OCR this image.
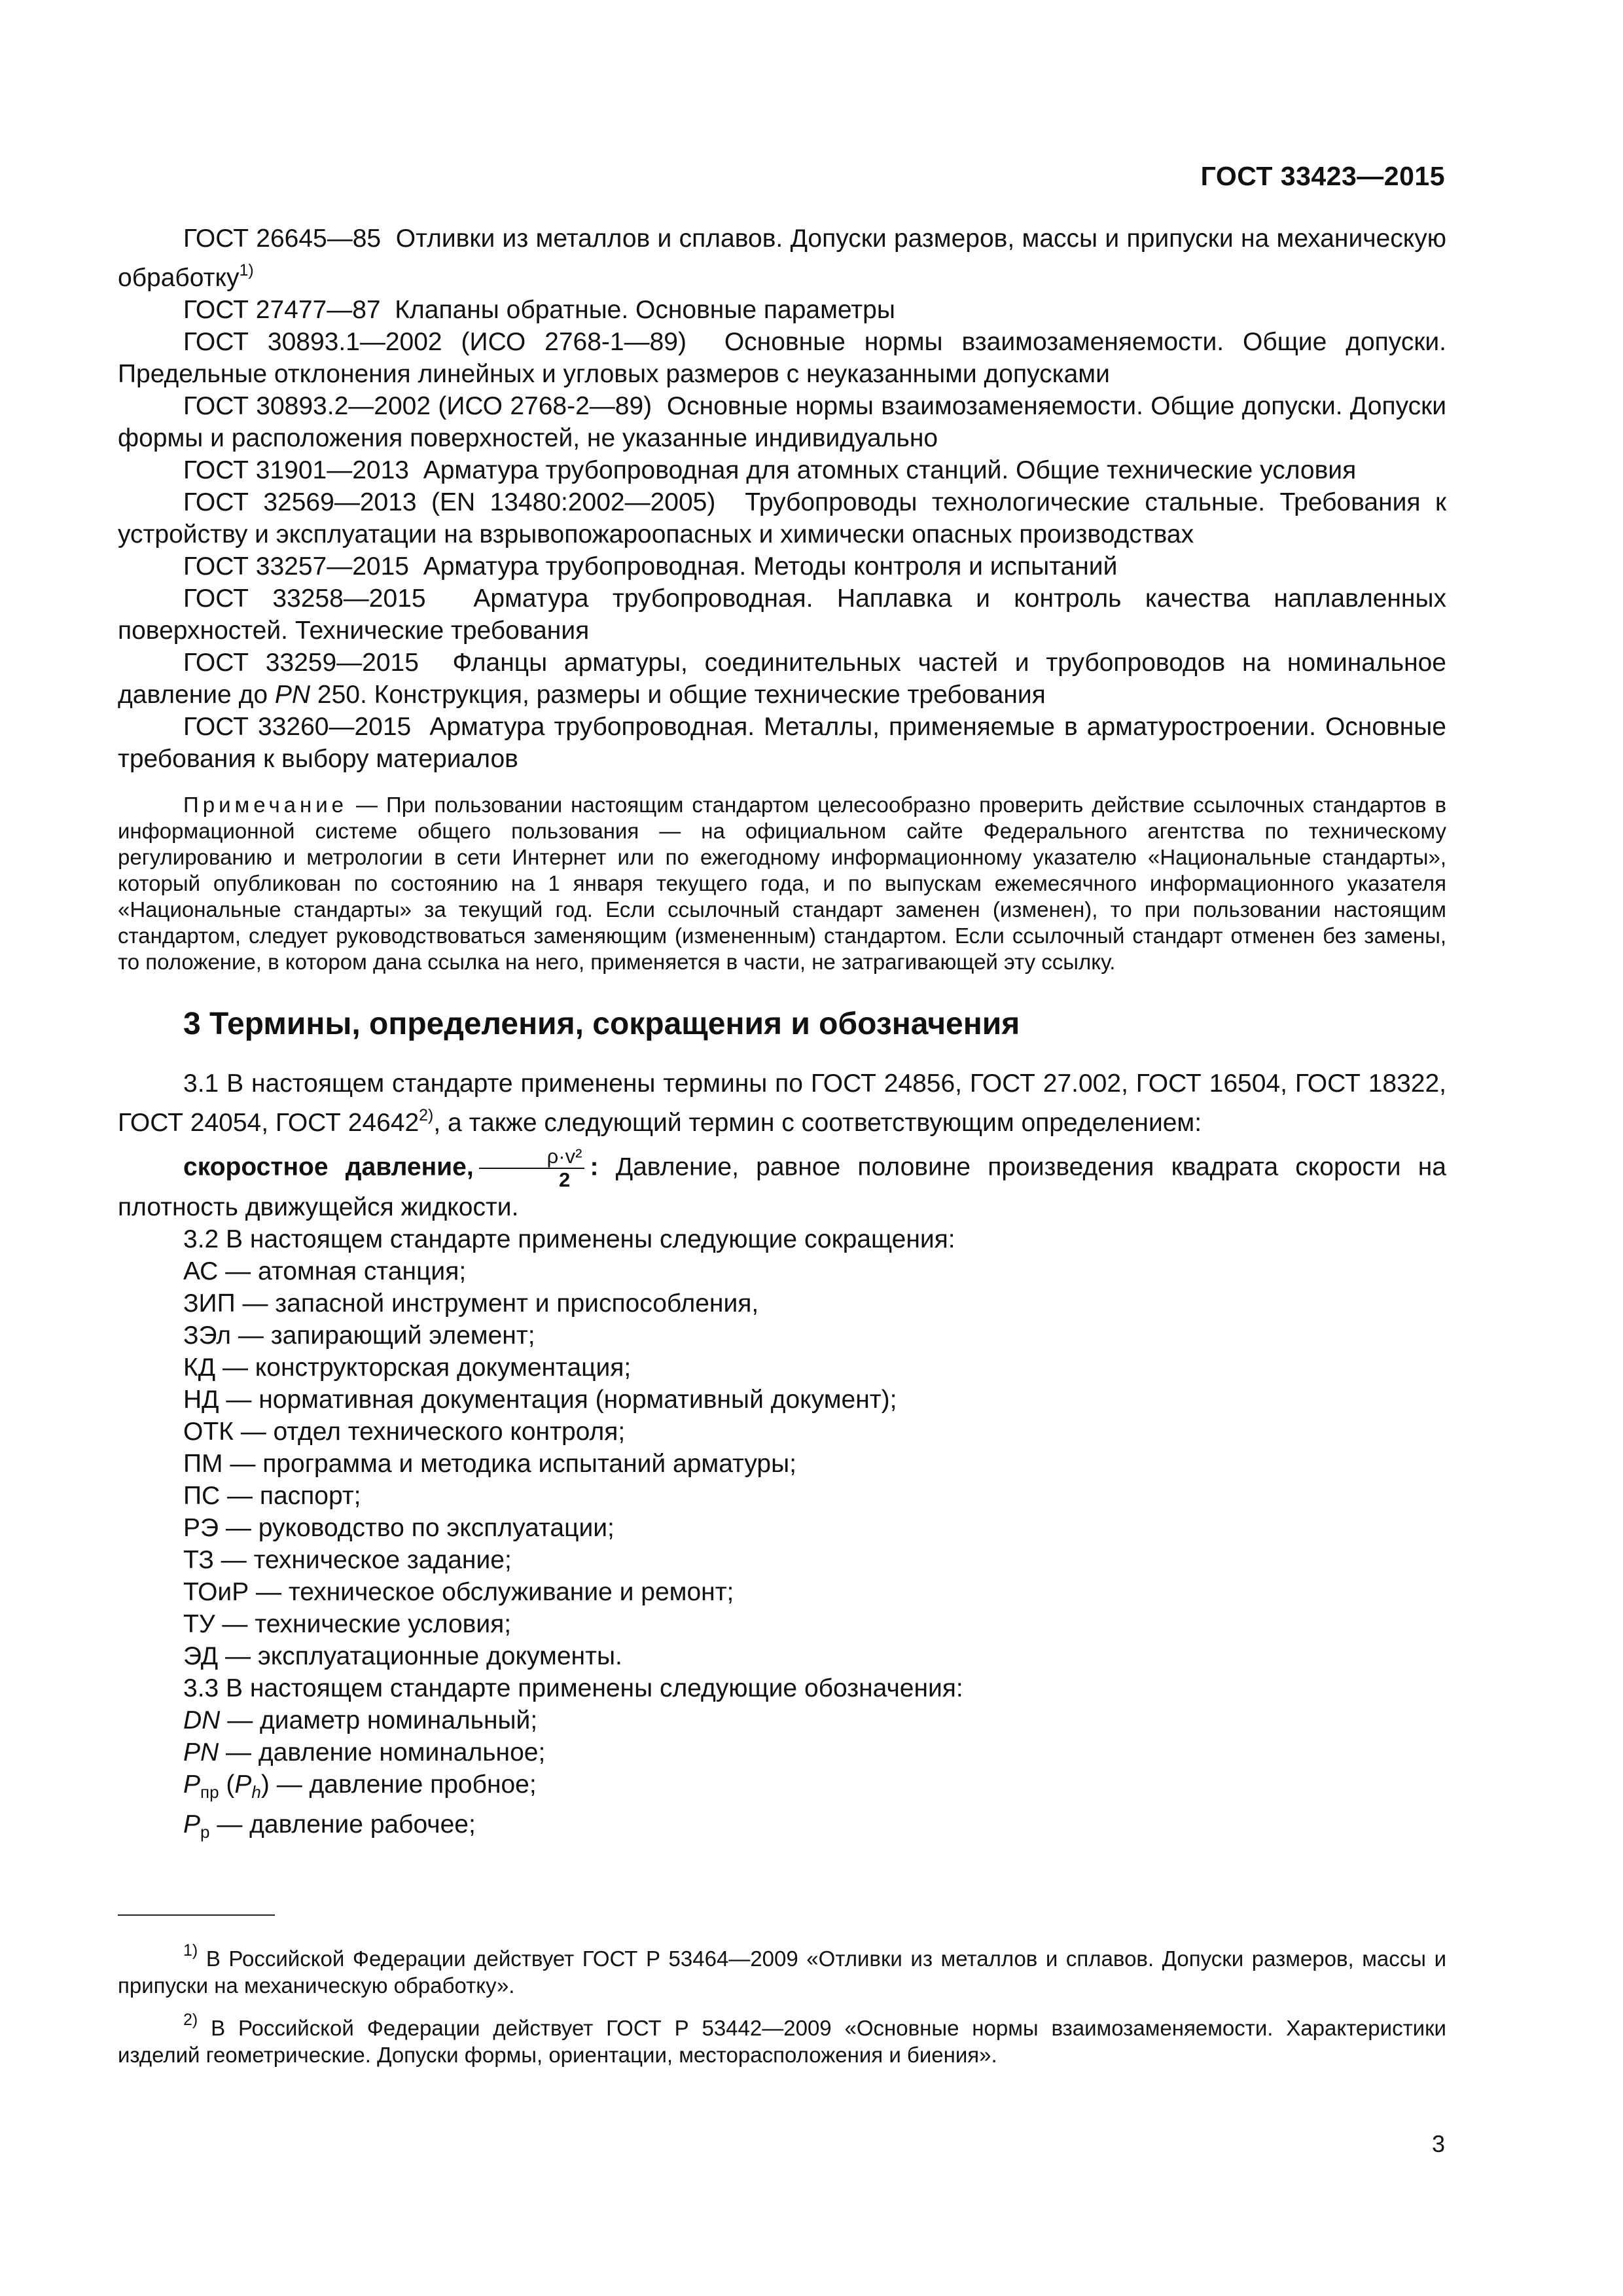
ГОСТ 33423—2015

ГОСТ 26645—85 Отливки из металлов и сплавов. Допуски размеров, массы и припуски на механическую обработку$^{1)}$

ГОСТ 27477—87 Клапаны обратные. Основные параметры

ГОСТ 30893.1—2002 (ИСО 2768-1—89) Основные нормы взаимозаменяемости. Общие допуски. Предельные отклонения линейных и угловых размеров с неуказанными допусками

ГОСТ 30893.2—2002 (ИСО 2768-2—89) Основные нормы взаимозаменяемости. Общие допуски. Допуски формы и расположения поверхностей, не указанные индивидуально

ГОСТ 31901—2013 Арматура трубопроводная для атомных станций. Общие технические условия

ГОСТ 32569—2013 (EN 13480:2002—2005) Трубопроводы технологические стальные. Требования к устройству и эксплуатации на взрывопожароопасных и химически опасных производствах

ГОСТ 33257—2015 Арматура трубопроводная. Методы контроля и испытаний

ГОСТ 33258—2015 Арматура трубопроводная. Наплавка и контроль качества наплавленных поверхностей. Технические требования

ГОСТ 33259—2015 Фланцы арматуры, соединительных частей и трубопроводов на номинальное давление до PN 250. Конструкция, размеры и общие технические требования

ГОСТ 33260—2015 Арматура трубопроводная. Металлы, применяемые в арматуростроении. Основные требования к выбору материалов

Примечание — При пользовании настоящим стандартом целесообразно проверить действие ссылочных стандартов в информационной системе общего пользования — на официальном сайте Федерального агентства по техническому регулированию и метрологии в сети Интернет или по ежегодному информационному указателю «Национальные стандарты», который опубликован по состоянию на 1 января текущего года, и по выпускам ежемесячного информационного указателя «Национальные стандарты» за текущий год. Если ссылочный стандарт заменен (изменен), то при пользовании настоящим стандартом, следует руководствоваться заменяющим (измененным) стандартом. Если ссылочный стандарт отменен без замены, то положение, в котором дана ссылка на него, применяется в части, не затрагивающей эту ссылку.

3 Термины, определения, сокращения и обозначения

3.1 В настоящем стандарте применены термины по ГОСТ 24856, ГОСТ 27.002, ГОСТ 16504, ГОСТ 18322, ГОСТ 24054, ГОСТ 24642$^{2)}$, а также следующий термин с соответствующим определением:

скоростное давление, $\frac{\text{ρ·v²}}{2}$ : Давление, равное половине произведения квадрата скорости на плотность движущейся жидкости.

3.2 В настоящем стандарте применены следующие сокращения:

АС — атомная станция;
ЗИП — запасной инструмент и приспособления,
ЗЭл — запирающий элемент;
КД — конструкторская документация;
НД — нормативная документация (нормативный документ);
ОТК — отдел технического контроля;
ПМ — программа и методика испытаний арматуры;
ПС — паспорт;
РЭ — руководство по эксплуатации;
ТЗ — техническое задание;
ТОиР — техническое обслуживание и ремонт;
ТУ — технические условия;
ЭД — эксплуатационные документы.

3.3 В настоящем стандарте применены следующие обозначения:

DN — диаметр номинальный;
PN — давление номинальное;
$P_{пр}$ $(P_h)$ — давление пробное;
$P_р$ — давление рабочее;

$^{1)}$ В Российской Федерации действует ГОСТ Р 53464—2009 «Отливки из металлов и сплавов. Допуски размеров, массы и припуски на механическую обработку».

$^{2)}$ В Российской Федерации действует ГОСТ Р 53442—2009 «Основные нормы взаимозаменяемости. Характеристики изделий геометрические. Допуски формы, ориентации, месторасположения и биения».

3
